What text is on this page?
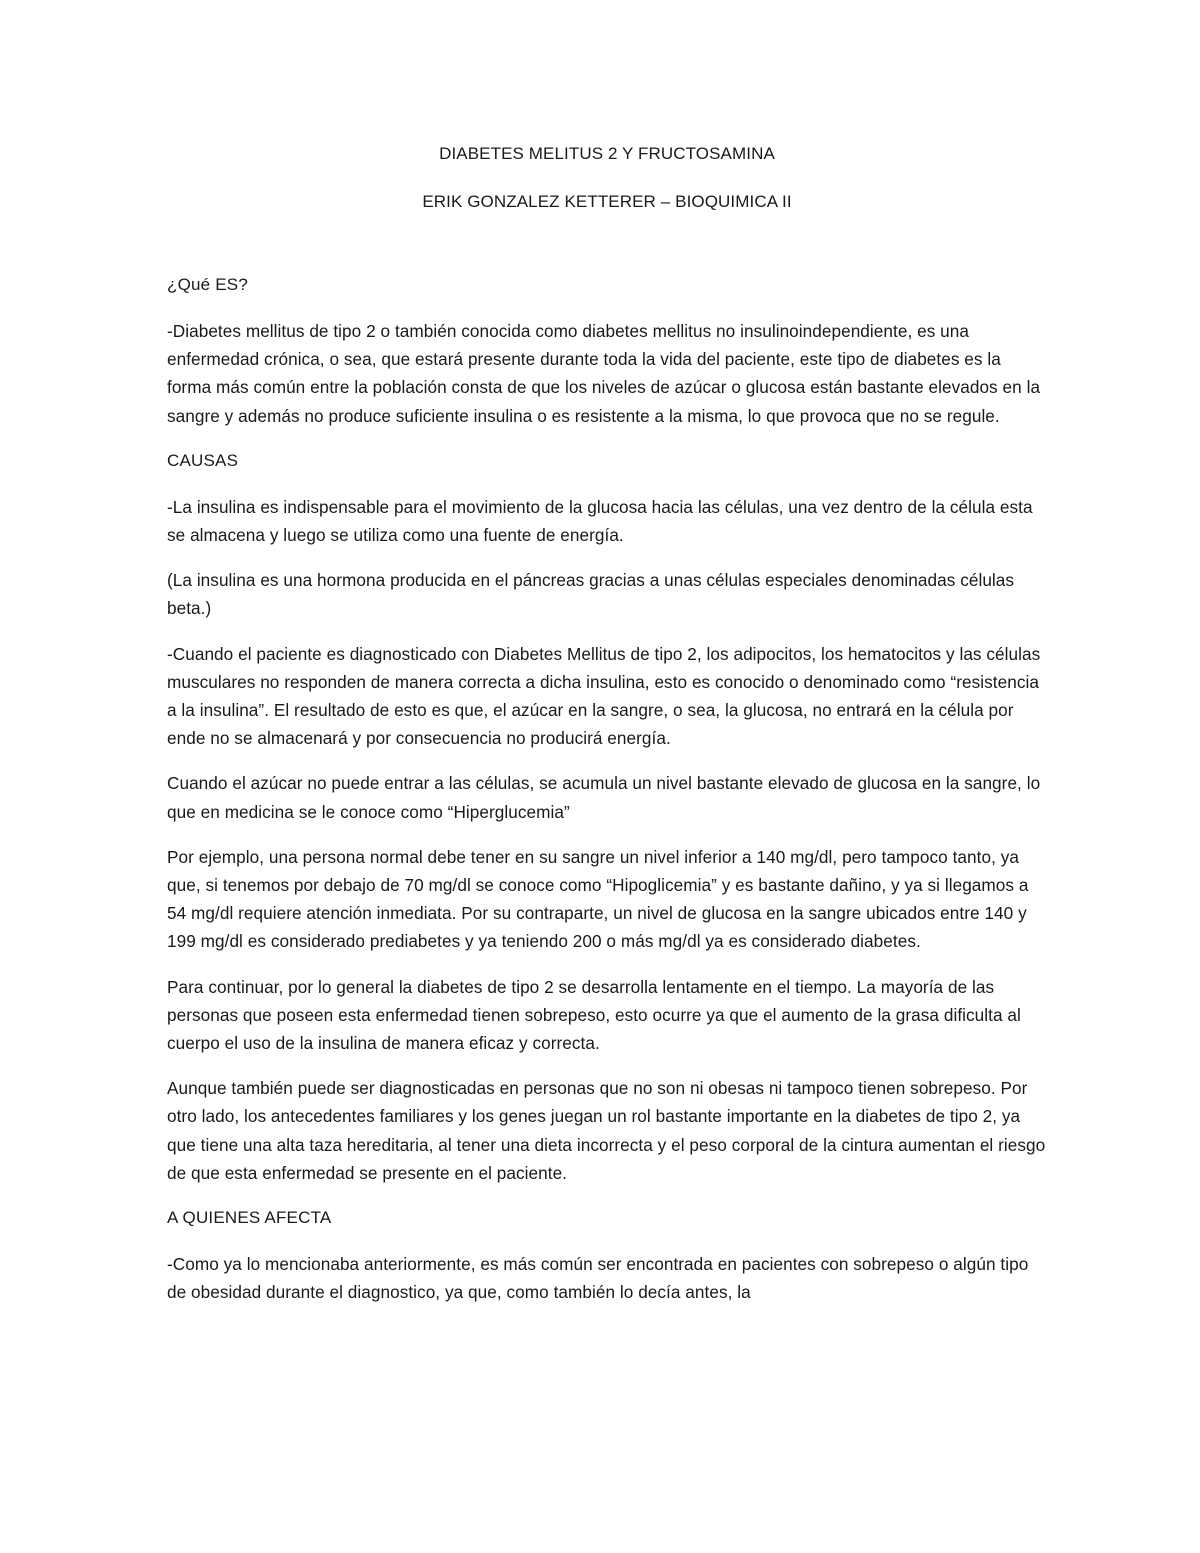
DIABETES MELITUS 2 Y FRUCTOSAMINA

ERIK GONZALEZ KETTERER – BIOQUIMICA II

¿Qué ES?

-Diabetes mellitus de tipo 2 o también conocida como diabetes mellitus no insulinoindependiente, es una enfermedad crónica, o sea, que estará presente durante toda la vida del paciente, este tipo de diabetes es la forma más común entre la población consta de que los niveles de azúcar o glucosa están bastante elevados en la sangre y además no produce suficiente insulina o es resistente a la misma, lo que provoca que no se regule.

CAUSAS

-La insulina es indispensable para el movimiento de la glucosa hacia las células, una vez dentro de la célula esta se almacena y luego se utiliza como una fuente de energía.

(La insulina es una hormona producida en el páncreas gracias a unas células especiales denominadas células beta.)

-Cuando el paciente es diagnosticado con Diabetes Mellitus de tipo 2, los adipocitos, los hematocitos y las células musculares no responden de manera correcta a dicha insulina, esto es conocido o denominado como “resistencia a la insulina”. El resultado de esto es que, el azúcar en la sangre, o sea, la glucosa, no entrará en la célula por ende no se almacenará y por consecuencia no producirá energía.

Cuando el azúcar no puede entrar a las células, se acumula un nivel bastante elevado de glucosa en la sangre, lo que en medicina se le conoce como “Hiperglucemia”

Por ejemplo, una persona normal debe tener en su sangre un nivel inferior a 140 mg/dl, pero tampoco tanto, ya que, si tenemos por debajo de 70 mg/dl se conoce como “Hipoglicemia” y es bastante dañino, y ya si llegamos a 54 mg/dl requiere atención inmediata. Por su contraparte, un nivel de glucosa en la sangre ubicados entre 140 y 199 mg/dl es considerado prediabetes y ya teniendo 200 o más mg/dl ya es considerado diabetes.

Para continuar, por lo general la diabetes de tipo 2 se desarrolla lentamente en el tiempo. La mayoría de las personas que poseen esta enfermedad tienen sobrepeso, esto ocurre ya que el aumento de la grasa dificulta al cuerpo el uso de la insulina de manera eficaz y correcta.

Aunque también puede ser diagnosticadas en personas que no son ni obesas ni tampoco tienen sobrepeso. Por otro lado, los antecedentes familiares y los genes juegan un rol bastante importante en la diabetes de tipo 2, ya que tiene una alta taza hereditaria, al tener una dieta incorrecta y el peso corporal de la cintura aumentan el riesgo de que esta enfermedad se presente en el paciente.

A QUIENES AFECTA

-Como ya lo mencionaba anteriormente, es más común ser encontrada en pacientes con sobrepeso o algún tipo de obesidad durante el diagnostico, ya que, como también lo decía antes, la
